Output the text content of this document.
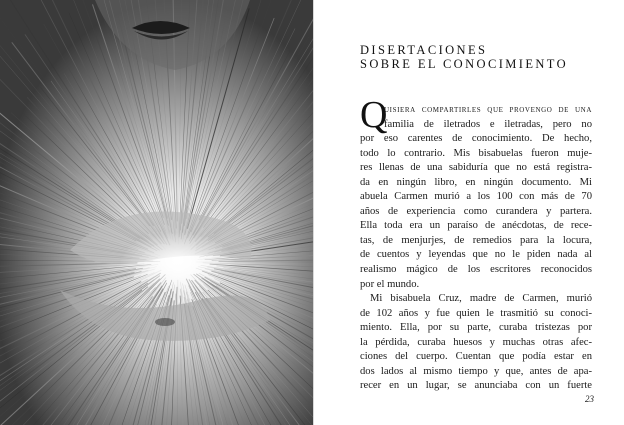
DISERTACIONES
SOBRE EL CONOCIMIENTO
Q
uisiera compartirles que provengo de una
familia de iletrados e iletradas, pero no
por eso carentes de conocimiento. De hecho,
todo lo contrario. Mis bisabuelas fueron muje-
res llenas de una sabiduría que no está registra-
da en ningún libro, en ningún documento. Mi
abuela Carmen murió a los 100 con más de 70
años de experiencia como curandera y partera.
Ella toda era un paraíso de anécdotas, de rece-
tas, de menjurjes, de remedios para la locura,
de cuentos y leyendas que no le piden nada al
realismo mágico de los escritores reconocidos
por el mundo.
Mi bisabuela Cruz, madre de Carmen, murió
de 102 años y fue quien le trasmitió su conoci-
miento. Ella, por su parte, curaba tristezas por
la pérdida, curaba huesos y muchas otras afec-
ciones del cuerpo. Cuentan que podía estar en
dos lados al mismo tiempo y que, antes de apa-
recer en un lugar, se anunciaba con un fuerte
23
